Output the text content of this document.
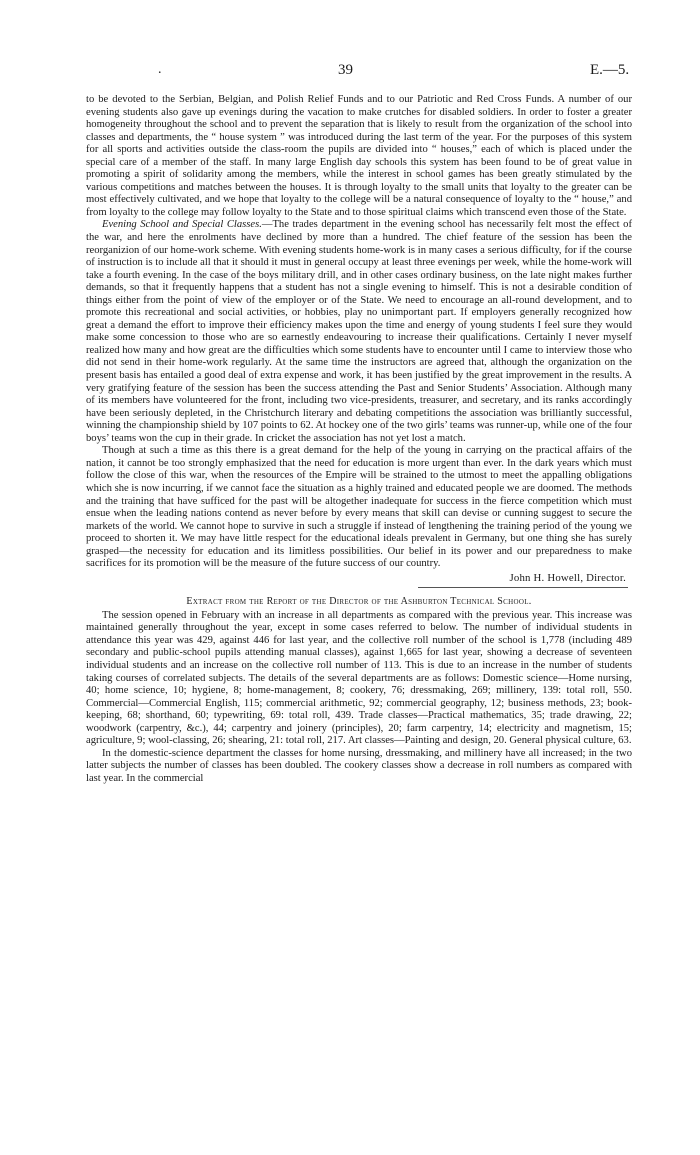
.	39	E.—5.

to be devoted to the Serbian, Belgian, and Polish Relief Funds and to our Patriotic and Red Cross Funds. A number of our evening students also gave up evenings during the vacation to make crutches for disabled soldiers. In order to foster a greater homogeneity throughout the school and to prevent the separation that is likely to result from the organization of the school into classes and departments, the “ house system ” was introduced during the last term of the year. For the purposes of this system for all sports and activities outside the class-room the pupils are divided into “ houses,” each of which is placed under the special care of a member of the staff. In many large English day schools this system has been found to be of great value in promoting a spirit of solidarity among the members, while the interest in school games has been greatly stimulated by the various competitions and matches between the houses. It is through loyalty to the small units that loyalty to the greater can be most effectively cultivated, and we hope that loyalty to the college will be a natural consequence of loyalty to the “ house,” and from loyalty to the college may follow loyalty to the State and to those spiritual claims which transcend even those of the State.

Evening School and Special Classes.—The trades department in the evening school has necessarily felt most the effect of the war, and here the enrolments have declined by more than a hundred. The chief feature of the session has been the reorganizion of our home-work scheme. With evening students home-work is in many cases a serious difficulty, for if the course of instruction is to include all that it should it must in general occupy at least three evenings per week, while the home-work will take a fourth evening. In the case of the boys military drill, and in other cases ordinary business, on the late night makes further demands, so that it frequently happens that a student has not a single evening to himself. This is not a desirable condition of things either from the point of view of the employer or of the State. We need to encourage an all-round development, and to promote this recreational and social activities, or hobbies, play no unimportant part. If employers generally recognized how great a demand the effort to improve their efficiency makes upon the time and energy of young students I feel sure they would make some concession to those who are so earnestly endeavouring to increase their qualifications. Certainly I never myself realized how many and how great are the difficulties which some students have to encounter until I came to interview those who did not send in their home-work regularly. At the same time the instructors are agreed that, although the organization on the present basis has entailed a good deal of extra expense and work, it has been justified by the great improvement in the results. A very gratifying feature of the session has been the success attending the Past and Senior Students’ Association. Although many of its members have volunteered for the front, including two vice-presidents, treasurer, and secretary, and its ranks accordingly have been seriously depleted, in the Christchurch literary and debating competitions the association was brilliantly successful, winning the championship shield by 107 points to 62. At hockey one of the two girls’ teams was runner-up, while one of the four boys’ teams won the cup in their grade. In cricket the association has not yet lost a match.

Though at such a time as this there is a great demand for the help of the young in carrying on the practical affairs of the nation, it cannot be too strongly emphasized that the need for education is more urgent than ever. In the dark years which must follow the close of this war, when the resources of the Empire will be strained to the utmost to meet the appalling obligations which she is now incurring, if we cannot face the situation as a highly trained and educated people we are doomed. The methods and the training that have sufficed for the past will be altogether inadequate for success in the fierce competition which must ensue when the leading nations contend as never before by every means that skill can devise or cunning suggest to secure the markets of the world. We cannot hope to survive in such a struggle if instead of lengthening the training period of the young we proceed to shorten it. We may have little respect for the educational ideals prevalent in Germany, but one thing she has surely grasped—the necessity for education and its limitless possibilities. Our belief in its power and our preparedness to make sacrifices for its promotion will be the measure of the future success of our country.

John H. Howell, Director.
Extract from the Report of the Director of the Ashburton Technical School.

The session opened in February with an increase in all departments as compared with the previous year. This increase was maintained generally throughout the year, except in some cases referred to below. The number of individual students in attendance this year was 429, against 446 for last year, and the collective roll number of the school is 1,778 (including 489 secondary and public-school pupils attending manual classes), against 1,665 for last year, showing a decrease of seventeen individual students and an increase on the collective roll number of 113. This is due to an increase in the number of students taking courses of correlated subjects. The details of the several departments are as follows: Domestic science—Home nursing, 40; home science, 10; hygiene, 8; home-management, 8; cookery, 76; dressmaking, 269; millinery, 139: total roll, 550. Commercial—Commercial English, 115; commercial arithmetic, 92; commercial geography, 12; business methods, 23; book-keeping, 68; shorthand, 60; typewriting, 69: total roll, 439. Trade classes—Practical mathematics, 35; trade drawing, 22; woodwork (carpentry, &c.), 44; carpentry and joinery (principles), 20; farm carpentry, 14; electricity and magnetism, 15; agriculture, 9; wool-classing, 26; shearing, 21: total roll, 217. Art classes—Painting and design, 20. General physical culture, 63.

In the domestic-science department the classes for home nursing, dressmaking, and millinery have all increased; in the two latter subjects the number of classes has been doubled. The cookery classes show a decrease in roll numbers as compared with last year. In the commercial
